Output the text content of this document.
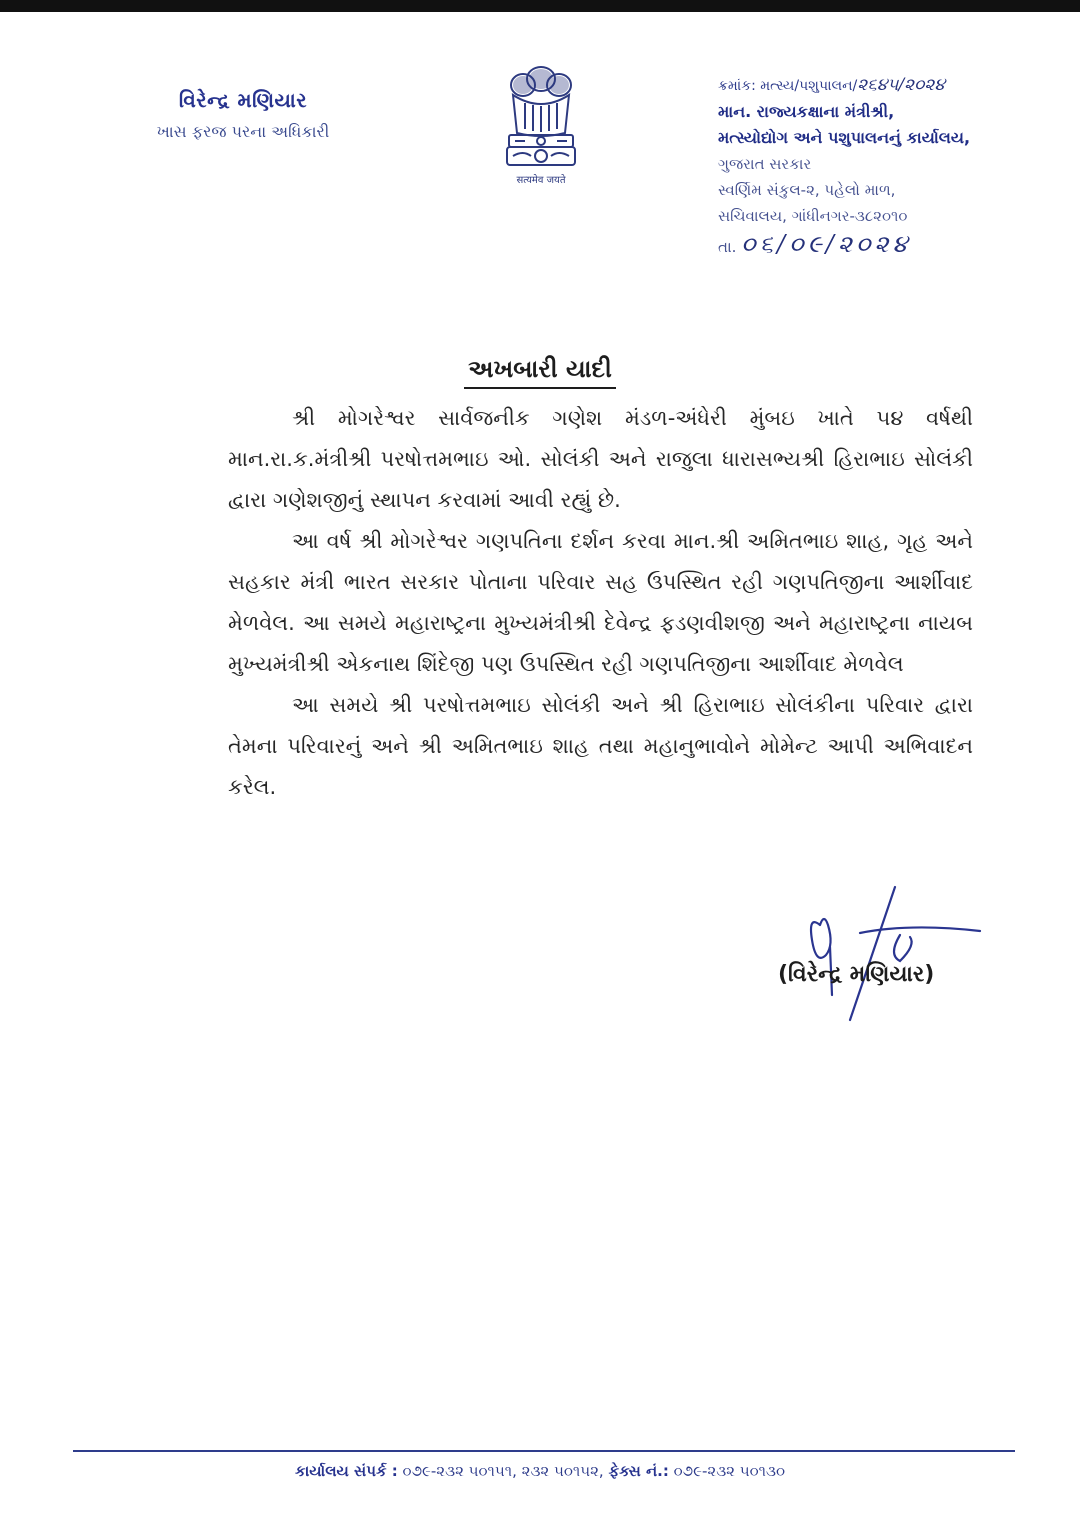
વિરેન્દ્ર મણિયાર
ખાસ ફરજ પરના અધિકારી
सत्यमेव जयते
ક્રમાંક: મત્સ્ય/પશુપાલન/૨૬૪૫/૨૦૨૪
માન. રાજ્યકક્ષાના મંત્રીશ્રી,
મત્સ્યોદ્યોગ અને પશુપાલનનું કાર્યાલય,
ગુજરાત સરકાર
સ્વર્ણિમ સંકુલ-૨, પહેલો માળ,
સચિવાલય, ગાંધીનગર-૩૮૨૦૧૦
તા. ૦૬/૦૯/૨૦૨૪
અખબારી યાદી

શ્રી મોગરેશ્વર સાર્વજનીક ગણેશ મંડળ-અંધેરી મુંબઇ ખાતે ૫૪ વર્ષથી માન.રા.ક.મંત્રીશ્રી પરષોત્તમભાઇ ઓ. સોલંકી અને રાજુલા ધારાસભ્યશ્રી હિરાભાઇ સોલંકી દ્વારા ગણેશજીનું સ્થાપન કરવામાં આવી રહ્યું છે.

આ વર્ષ શ્રી મોગરેશ્વર ગણપતિના દર્શન કરવા માન.શ્રી અમિતભાઇ શાહ, ગૃહ અને સહકાર મંત્રી ભારત સરકાર પોતાના પરિવાર સહ ઉપસ્થિત રહી ગણપતિજીના આર્શીવાદ મેળવેલ. આ સમયે મહારાષ્ટ્રના મુખ્યમંત્રીશ્રી દેવેન્દ્ર ફડણવીશજી અને મહારાષ્ટ્રના નાયબ મુખ્યમંત્રીશ્રી એકનાથ શિંદેજી પણ ઉપસ્થિત રહી ગણપતિજીના આર્શીવાદ મેળવેલ

આ સમયે શ્રી પરષોત્તમભાઇ સોલંકી અને શ્રી હિરાભાઇ સોલંકીના પરિવાર દ્વારા તેમના પરિવારનું અને શ્રી અમિતભાઇ શાહ તથા મહાનુભાવોને મોમેન્ટ આપી અભિવાદન કરેલ.

(વિરેન્દ્ર મણિયાર)
કાર્યાલય સંપર્ક : ૦૭૯-૨૩૨ ૫૦૧૫૧, ૨૩૨ ૫૦૧૫૨, ફેક્સ નં.: ૦૭૯-૨૩૨ ૫૦૧૩૦
